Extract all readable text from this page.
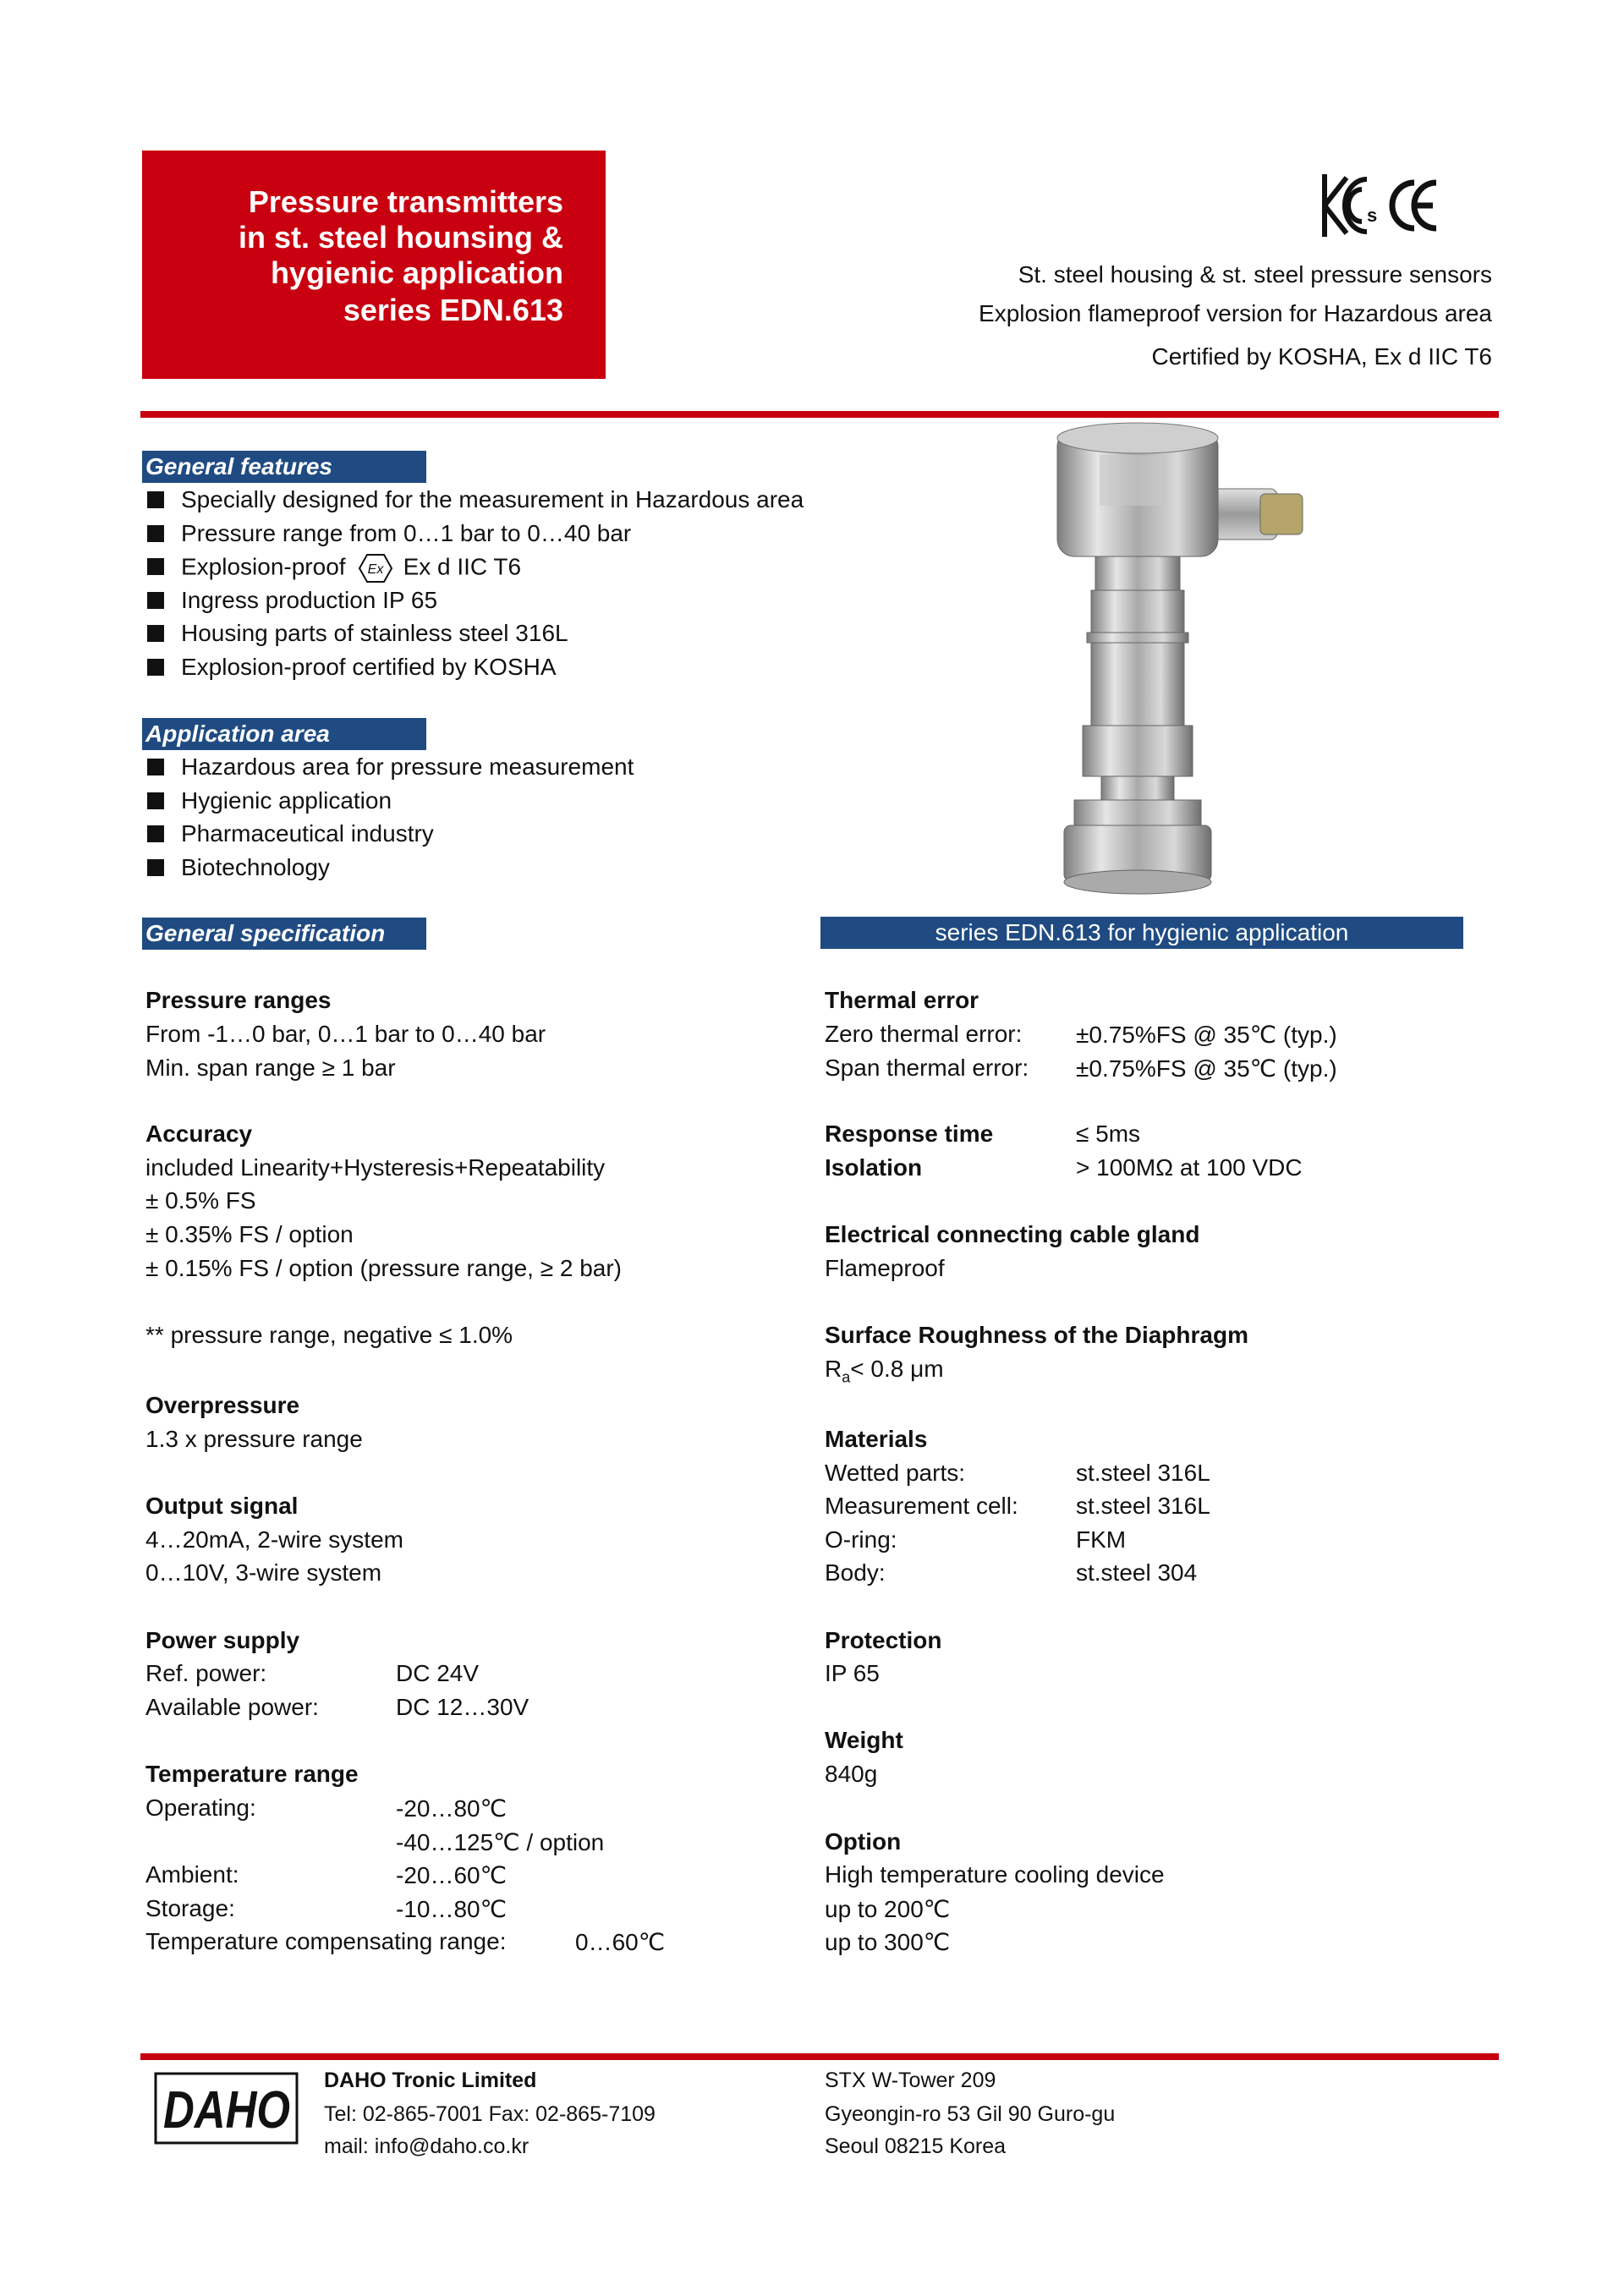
Pressure transmitters
in st. steel hounsing &
hygienic application
series EDN.613
s
St. steel housing & st. steel pressure sensors
Explosion flameproof version for Hazardous area
Certified by KOSHA, Ex d IIC T6
General features
Specially designed for the measurement in Hazardous area
Pressure range from 0…1 bar to 0…40 bar
Explosion-proof Ex Ex d IIC T6
Ingress production IP 65
Housing parts of stainless steel 316L
Explosion-proof certified by KOSHA
Application area
Hazardous area for pressure measurement
Hygienic application
Pharmaceutical industry
Biotechnology
series EDN.613 for hygienic application
General specification
Pressure ranges
From -1…0 bar, 0…1 bar to 0…40 bar
Min. span range ≥ 1 bar
Accuracy
included Linearity+Hysteresis+Repeatability
± 0.5% FS
± 0.35% FS / option
± 0.15% FS / option (pressure range, ≥ 2 bar)
** pressure range, negative ≤ 1.0%
Overpressure
1.3 x pressure range
Output signal
4…20mA, 2-wire system
0…10V, 3-wire system
Power supply
Ref. power:	DC 24V
Available power:	DC 12…30V
Temperature range
Operating:	-20…80℃
-40…125℃ / option
Ambient:	-20…60℃
Storage:	-10…80℃
Temperature compensating range:	0…60℃
Thermal error
Zero thermal error: ±0.75%FS @ 35℃ (typ.)
Span thermal error: ±0.75%FS @ 35℃ (typ.)
Response time	≤ 5ms
Isolation	> 100MΩ at 100 VDC
Electrical connecting cable gland
Flameproof
Surface Roughness of the Diaphragm
$R_a< 0.8$ μm
Materials
Wetted parts:	st.steel 316L
Measurement cell: st.steel 316L
O-ring:	FKM
Body:	st.steel 304
Protection
IP 65
Weight
840g
Option
High temperature cooling device
up to 200℃
up to 300℃
DAHO
DAHO Tronic Limited
Tel: 02-865-7001 Fax: 02-865-7109
mail: info@daho.co.kr
STX W-Tower 209
Gyeongin-ro 53 Gil 90 Guro-gu
Seoul 08215 Korea
